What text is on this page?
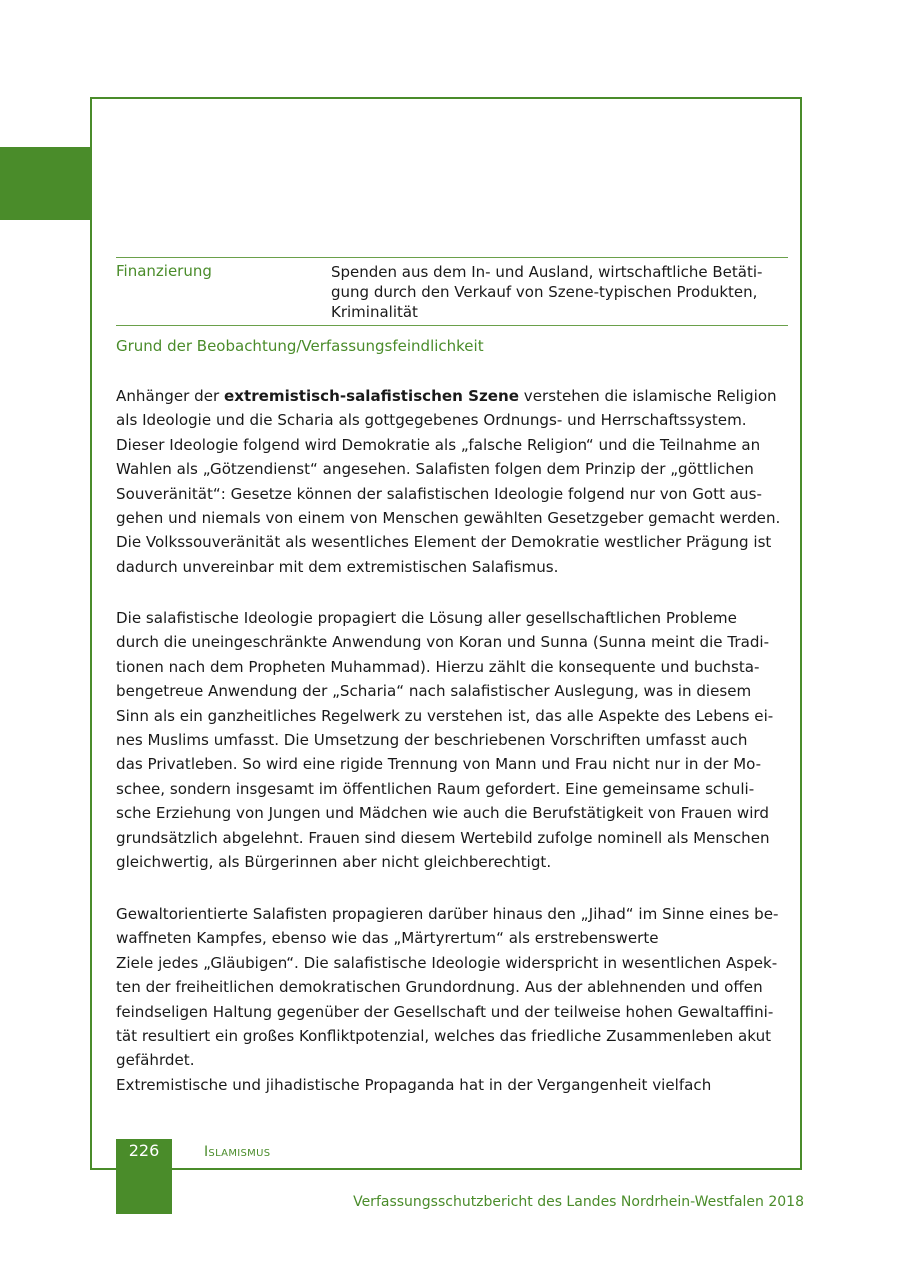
Finanzierung	Spenden aus dem In- und Ausland, wirtschaftliche Betäti-
gung durch den Verkauf von Szene-typischen Produkten,
Kriminalität
Grund der Beobachtung/Verfassungsfeindlichkeit
Anhänger der extremistisch-salafistischen Szene verstehen die islamische Religion
als Ideologie und die Scharia als gottgegebenes Ordnungs- und Herrschaftssystem.
Dieser Ideologie folgend wird Demokratie als „falsche Religion“ und die Teilnahme an
Wahlen als „Götzendienst“ angesehen. Salafisten folgen dem Prinzip der „göttlichen
Souveränität“: Gesetze können der salafistischen Ideologie folgend nur von Gott aus-
gehen und niemals von einem von Menschen gewählten Gesetzgeber gemacht werden.
Die Volkssouveränität als wesentliches Element der Demokratie westlicher Prägung ist
dadurch unvereinbar mit dem extremistischen Salafismus.
Die salafistische Ideologie propagiert die Lösung aller gesellschaftlichen Probleme
durch die uneingeschränkte Anwendung von Koran und Sunna (Sunna meint die Tradi-
tionen nach dem Propheten Muhammad). Hierzu zählt die konsequente und buchsta-
bengetreue Anwendung der „Scharia“ nach salafistischer Auslegung, was in diesem
Sinn als ein ganzheitliches Regelwerk zu verstehen ist, das alle Aspekte des Lebens ei-
nes Muslims umfasst. Die Umsetzung der beschriebenen Vorschriften umfasst auch
das Privatleben. So wird eine rigide Trennung von Mann und Frau nicht nur in der Mo-
schee, sondern insgesamt im öffentlichen Raum gefordert. Eine gemeinsame schuli-
sche Erziehung von Jungen und Mädchen wie auch die Berufstätigkeit von Frauen wird
grundsätzlich abgelehnt. Frauen sind diesem Wertebild zufolge nominell als Menschen
gleichwertig, als Bürgerinnen aber nicht gleichberechtigt.
Gewaltorientierte Salafisten propagieren darüber hinaus den „Jihad“ im Sinne eines be-
waffneten Kampfes, ebenso wie das „Märtyrertum“ als erstrebenswerte
Ziele jedes „Gläubigen“. Die salafistische Ideologie widerspricht in wesentlichen Aspek-
ten der freiheitlichen demokratischen Grundordnung. Aus der ablehnenden und offen
feindseligen Haltung gegenüber der Gesellschaft und der teilweise hohen Gewaltaffini-
tät resultiert ein großes Konfliktpotenzial, welches das friedliche Zusammenleben akut
gefährdet.
Extremistische und jihadistische Propaganda hat in der Vergangenheit vielfach
226	Islamismus
Verfassungsschutzbericht des Landes Nordrhein-Westfalen 2018
